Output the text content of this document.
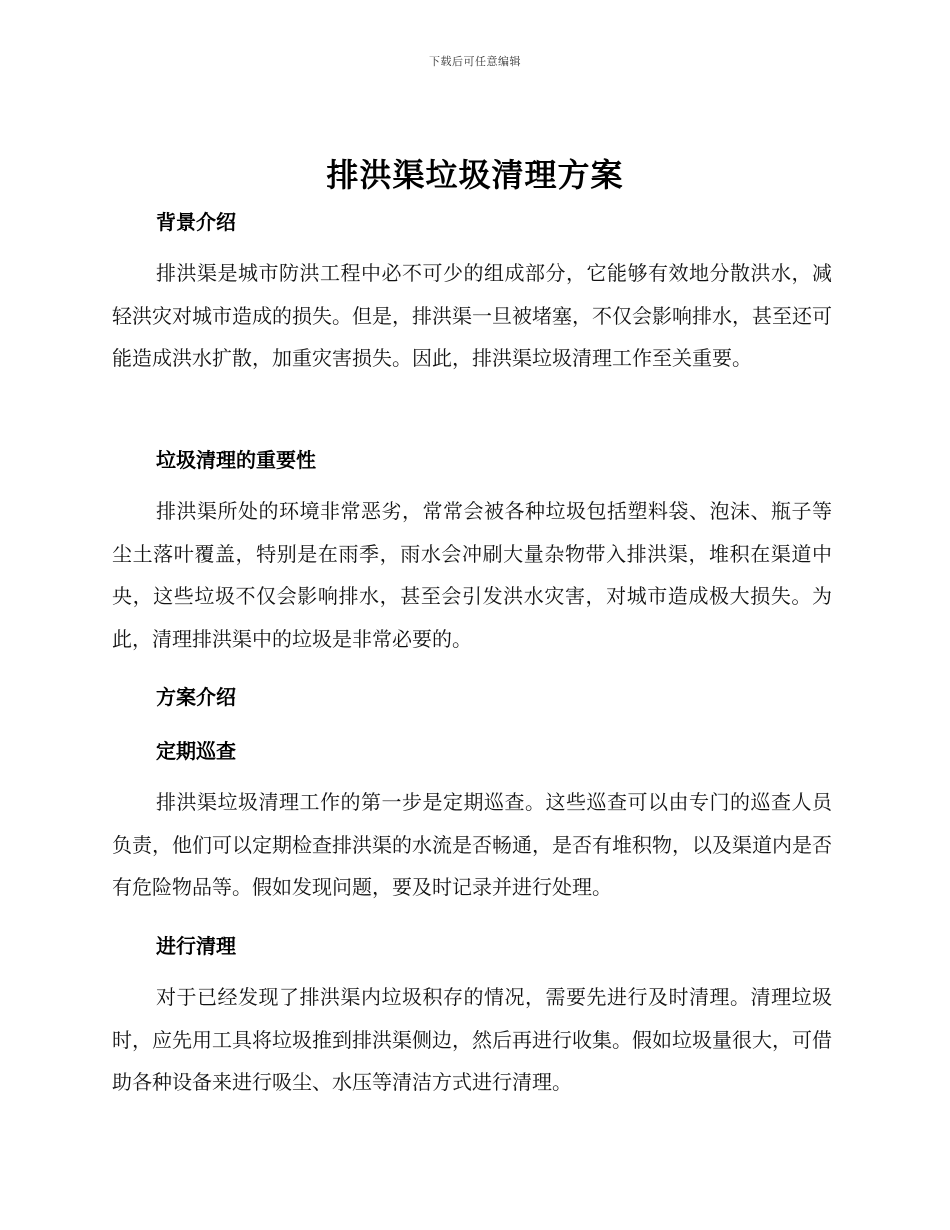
下载后可任意编辑
排洪渠垃圾清理方案
背景介绍

排洪渠是城市防洪工程中必不可少的组成部分，它能够有效地分散洪水，减轻洪灾对城市造成的损失。但是，排洪渠一旦被堵塞，不仅会影响排水，甚至还可能造成洪水扩散，加重灾害损失。因此，排洪渠垃圾清理工作至关重要。

垃圾清理的重要性

排洪渠所处的环境非常恶劣，常常会被各种垃圾包括塑料袋、泡沫、瓶子等尘土落叶覆盖，特别是在雨季，雨水会冲刷大量杂物带入排洪渠，堆积在渠道中央，这些垃圾不仅会影响排水，甚至会引发洪水灾害，对城市造成极大损失。为此，清理排洪渠中的垃圾是非常必要的。

方案介绍
定期巡查

排洪渠垃圾清理工作的第一步是定期巡查。这些巡查可以由专门的巡查人员负责，他们可以定期检查排洪渠的水流是否畅通，是否有堆积物，以及渠道内是否有危险物品等。假如发现问题，要及时记录并进行处理。

进行清理

对于已经发现了排洪渠内垃圾积存的情况，需要先进行及时清理。清理垃圾时，应先用工具将垃圾推到排洪渠侧边，然后再进行收集。假如垃圾量很大，可借助各种设备来进行吸尘、水压等清洁方式进行清理。
